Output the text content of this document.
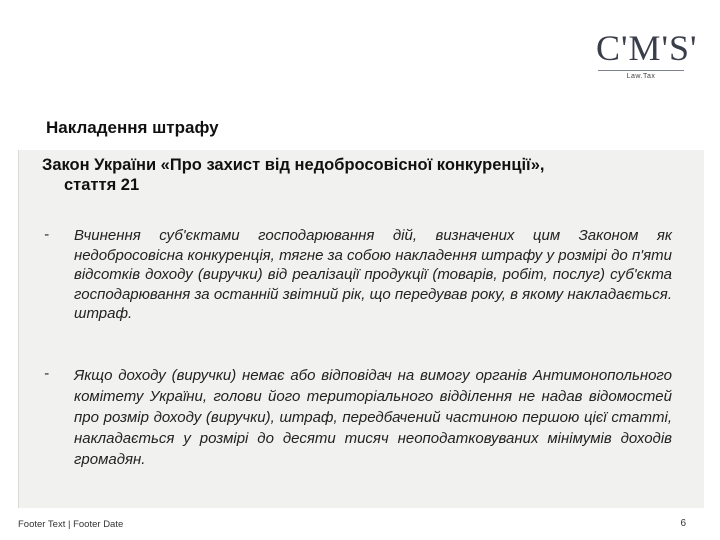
C'M'S'
Law.Tax
Накладення штрафу
Закон України «Про захист від недобросовісної конкуренції»,
стаття 21
- Вчинення суб'єктами господарювання дій, визначених цим Законом як недобросовісна конкуренція, тягне за собою накладення штрафу у розмірі до п'яти відсотків доходу (виручки) від реалізації продукції (товарів, робіт, послуг) суб'єкта господарювання за останній звітний рік, що передував року, в якому накладається. штраф.
- Якщо доходу (виручки) немає або відповідач на вимогу органів Антимонопольного комітету України, голови його територіального відділення не надав відомостей про розмір доходу (виручки), штраф, передбачений частиною першою цієї статті, накладається у розмірі до десяти тисяч неоподатковуваних мінімумів доходів громадян.
Footer Text | Footer Date	6
